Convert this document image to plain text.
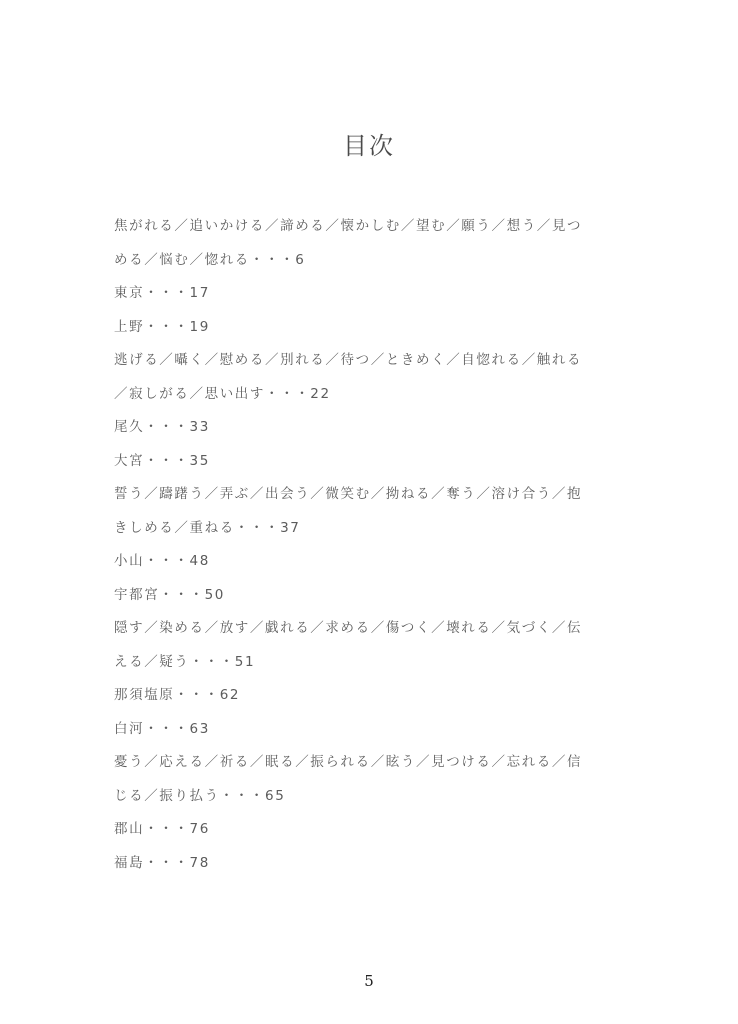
目次
焦がれる／追いかける／諦める／懐かしむ／望む／願う／想う／見つ
める／悩む／惚れる・・・6
東京・・・17
上野・・・19
逃げる／囁く／慰める／別れる／待つ／ときめく／自惚れる／触れる
／寂しがる／思い出す・・・22
尾久・・・33
大宮・・・35
誓う／躊躇う／弄ぶ／出会う／微笑む／拗ねる／奪う／溶け合う／抱
きしめる／重ねる・・・37
小山・・・48
宇都宮・・・50
隠す／染める／放す／戯れる／求める／傷つく／壊れる／気づく／伝
える／疑う・・・51
那須塩原・・・62
白河・・・63
憂う／応える／祈る／眠る／振られる／眩う／見つける／忘れる／信
じる／振り払う・・・65
郡山・・・76
福島・・・78
5
